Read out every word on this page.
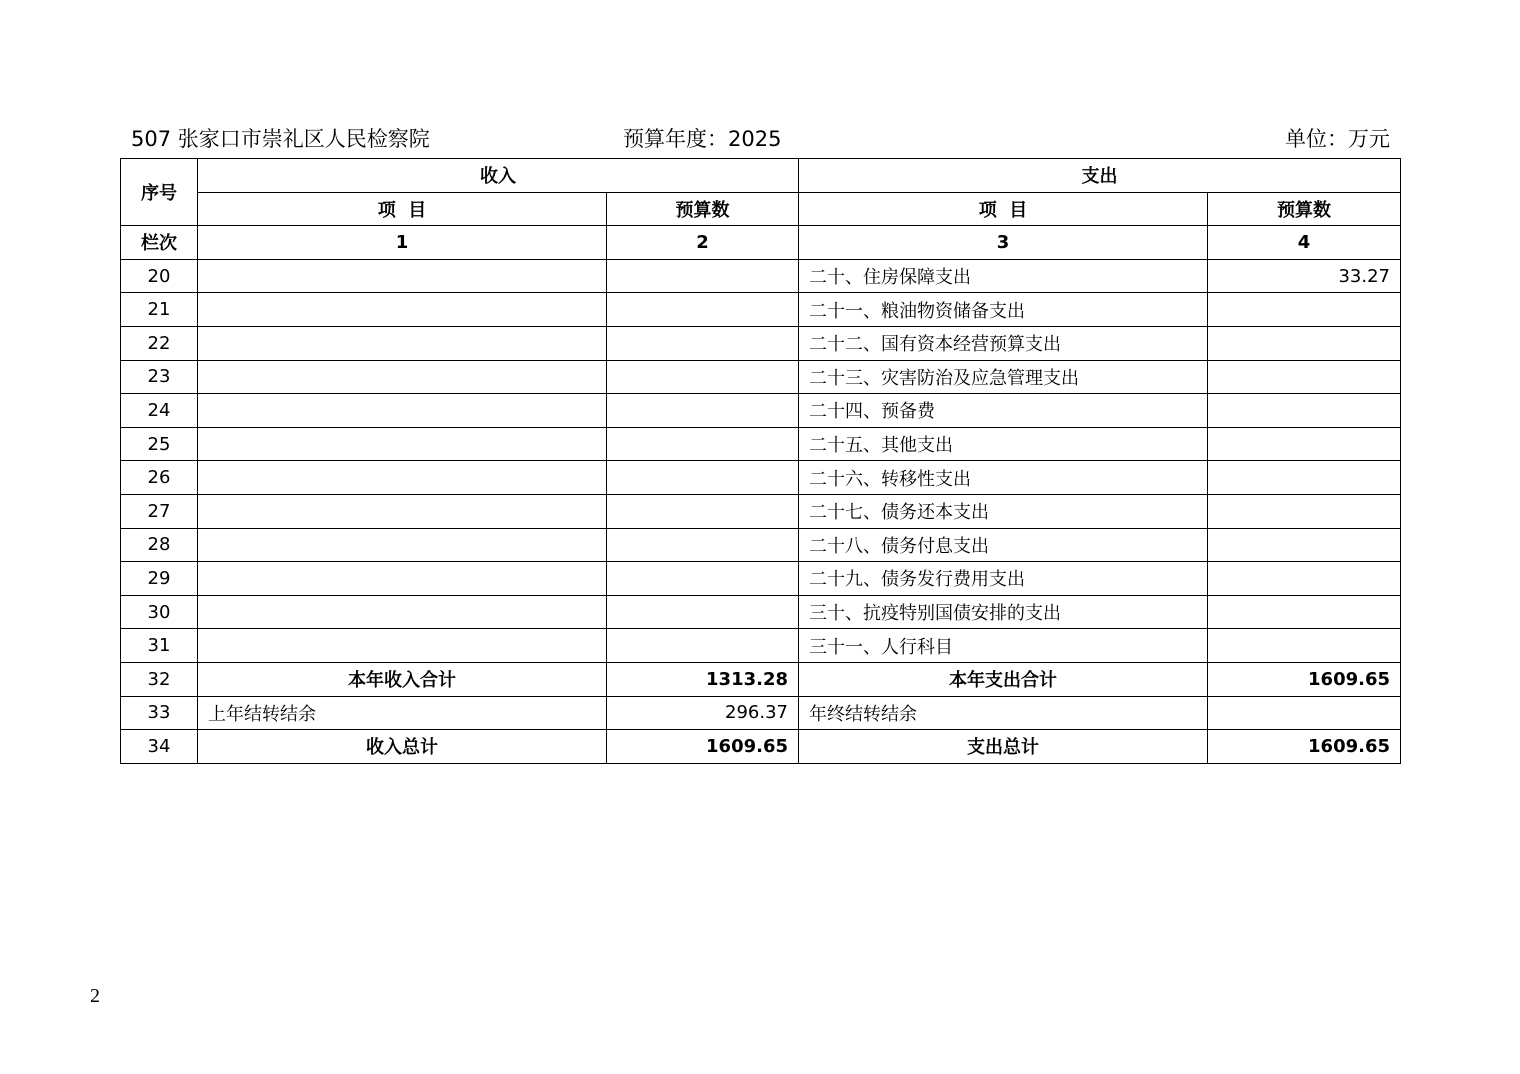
507 张家口市崇礼区人民检察院	预算年度：2025	单位：万元
序号	收入		支出	
	项  目	预算数	项  目	预算数
栏次	1	2	3	4
20			二十、住房保障支出	33.27
21			二十一、粮油物资储备支出	
22			二十二、国有资本经营预算支出	
23			二十三、灾害防治及应急管理支出	
24			二十四、预备费	
25			二十五、其他支出	
26			二十六、转移性支出	
27			二十七、债务还本支出	
28			二十八、债务付息支出	
29			二十九、债务发行费用支出	
30			三十、抗疫特别国债安排的支出	
31			三十一、人行科目	
32	本年收入合计	1313.28	本年支出合计	1609.65
33	上年结转结余	296.37	年终结转结余	
34	收入总计	1609.65	支出总计	1609.65
2
